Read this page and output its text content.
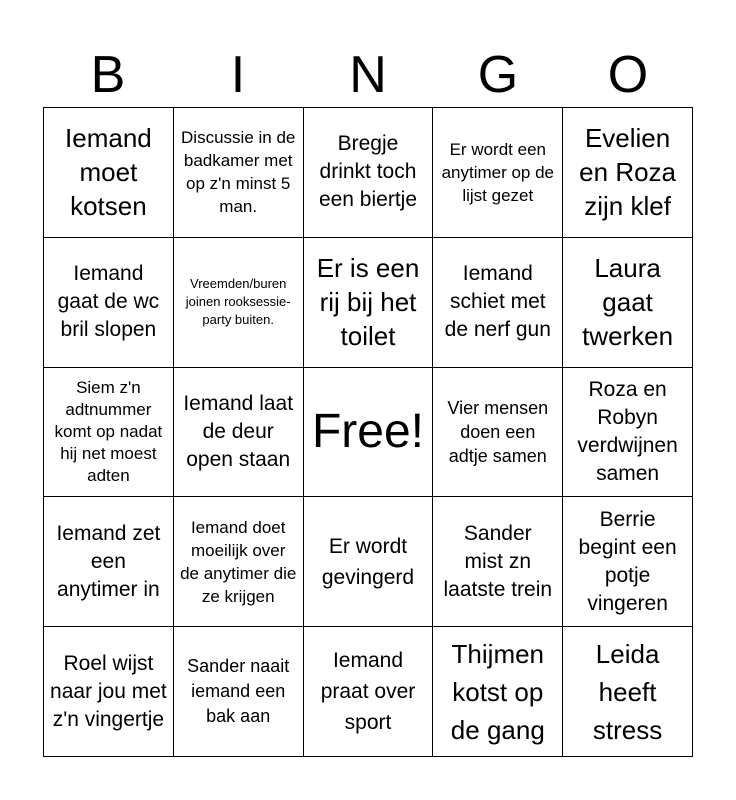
B	I	N	G	O
Iemand moet kotsen
Discussie in de badkamer met op z'n minst 5 man.
Bregje drinkt toch een biertje
Er wordt een anytimer op de lijst gezet
Evelien en Roza zijn klef
Iemand gaat de wc bril slopen
Vreemden/buren joinen rooksessie-party buiten.
Er is een rij bij het toilet
Iemand schiet met de nerf gun
Laura gaat twerken
Siem z'n adtnummer komt op nadat hij net moest adten
Iemand laat de deur open staan
Free!	Vier mensen doen een adtje samen
Roza en Robyn verdwijnen samen
Iemand zet een anytimer in
Iemand doet moeilijk over de anytimer die ze krijgen
Er wordt gevingerd
Sander mist zn laatste trein
Berrie begint een potje vingeren
Roel wijst naar jou met z'n vingertje
Sander naait iemand een bak aan
Iemand praat over sport
Thijmen kotst op de gang
Leida heeft stress
